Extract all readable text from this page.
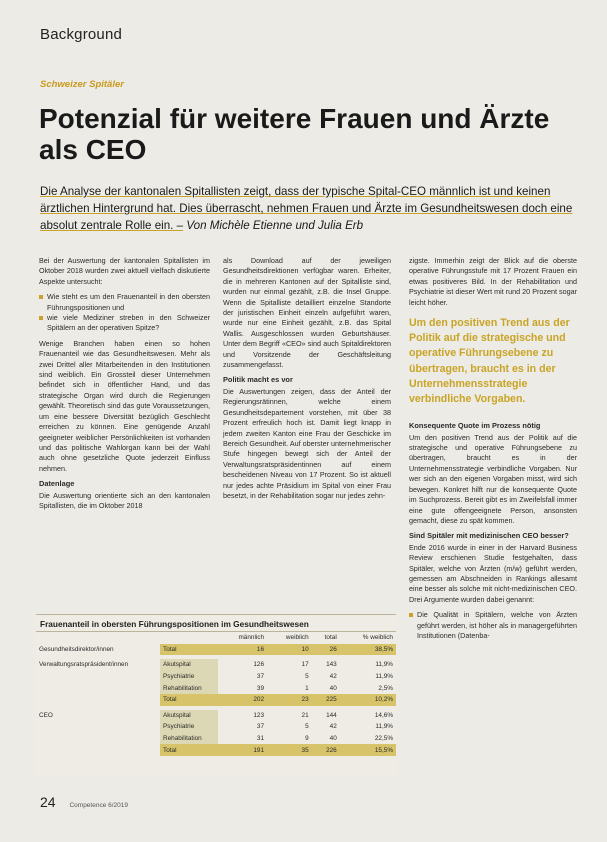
Background
Schweizer Spitäler
Potenzial für weitere Frauen und Ärzte als CEO
Die Analyse der kantonalen Spitallisten zeigt, dass der typische Spital-CEO männlich ist und keinen ärztlichen Hintergrund hat. Dies überrascht, nehmen Frauen und Ärzte im Gesundheitswesen doch eine absolut zentrale Rolle ein. – Von Michèle Etienne und Julia Erb

Bei der Auswertung der kantonalen Spitallisten im Oktober 2018 wurden zwei aktuell vielfach diskutierte Aspekte untersucht:

Wie steht es um den Frauenanteil in den obersten Führungspositionen und
wie viele Mediziner streben in den Schweizer Spitälern an der operativen Spitze?

Wenige Branchen haben einen so hohen Frauenanteil wie das Gesundheitswesen. Mehr als zwei Drittel aller Mitarbeitenden in den Institutionen sind weiblich. Ein Grossteil dieser Unternehmen befindet sich in öffentlicher Hand, und das strategische Organ wird durch die Regierungen gewählt. Theoretisch sind das gute Voraussetzungen, um eine bessere Diversität bezüglich Geschlecht erreichen zu können. Eine genügende Anzahl geeigneter weiblicher Persönlichkeiten ist vorhanden und das politische Wahlorgan kann bei der Wahl auch ohne gesetzliche Quote jederzeit Einfluss nehmen.

Datenlage

Die Auswertung orientierte sich an den kantonalen Spitallisten, die im Oktober 2018

als Download auf der jeweiligen Gesundheitsdirektionen verfügbar waren. Erheiter, die in mehreren Kantonen auf der Spitalliste sind, wurden nur einmal gezählt, z.B. die Insel Gruppe. Wenn die Spitalliste detailliert einzelne Standorte der juristischen Einheit einzeln aufgeführt waren, wurde nur eine Einheit gezählt, z.B. das Spital Wallis. Ausgeschlossen wurden Geburtshäuser. Unter dem Begriff «CEO» sind auch Spitaldirektoren und Vorsitzende der Geschäftsleitung zusammengefasst.

Politik macht es vor

Die Auswertungen zeigen, dass der Anteil der Regierungsrätinnen, welche einem Gesundheitsdepartement vorstehen, mit über 38 Prozent erfreulich hoch ist. Damit liegt knapp in jedem zweiten Kanton eine Frau der Geschicke im Bereich Gesundheit. Auf oberster unternehmerischer Stufe hingegen bewegt sich der Anteil der Verwaltungsratspräsidentinnen auf einem bescheidenen Niveau von 17 Prozent. So ist aktuell nur jedes achte Präsidium im Spital von einer Frau besetzt, in der Rehabilitation sogar nur jedes zehn-

zigste. Immerhin zeigt der Blick auf die oberste operative Führungsstufe mit 17 Prozent Frauen ein etwas positiveres Bild. In der Rehabilitation und Psychiatrie ist dieser Wert mit rund 20 Prozent sogar leicht höher.

Um den positiven Trend aus der Politik auf die strategische und operative Führungsebene zu übertragen, braucht es in der Unternehmensstrategie verbindliche Vorgaben.
Konsequente Quote im Prozess nötig

Um den positiven Trend aus der Politik auf die strategische und operative Führungsebene zu übertragen, braucht es in der Unternehmensstrategie verbindliche Vorgaben. Nur wer sich an den eigenen Vorgaben misst, wird sich bewegen. Konkret hilft nur die konsequente Quote im Suchprozess. Bereit gibt es im Zweifelsfall immer eine gute offengeeignete Person, ansonsten gemacht, diese zu spät kommen.

Sind Spitäler mit medizinischen CEO besser?

Ende 2016 wurde in einer in der Harvard Business Review erschienen Studie festgehalten, dass Spitäler, welche von Ärzten (m/w) geführt werden, gemessen am Abschneiden in Rankings allesamt eine besser als solche mit nicht-medizinischen CEO. Drei Argumente wurden dabei genannt:

Die Qualität in Spitälern, welche von Ärzten geführt werden, ist höher als in managergeführten Institutionen (Datenba-
Frauenanteil in obersten Führungspositionen im Gesundheitswesen
		männlich	weiblich	total	% weiblich
Gesundheitsdirektor/innen	Total	16	10	26	38,5%

Verwaltungsratspräsident/innen	Akutspital	126	17	143	11,9%
	Psychiatrie	37	5	42	11,9%
	Rehabilitation	39	1	40	2,5%
	Total	202	23	225	10,2%

CEO	Akutspital	123	21	144	14,6%
	Psychiatrie	37	5	42	11,9%
	Rehabilitation	31	9	40	22,5%
	Total	191	35	226	15,5%
24 Competence 6/2019
